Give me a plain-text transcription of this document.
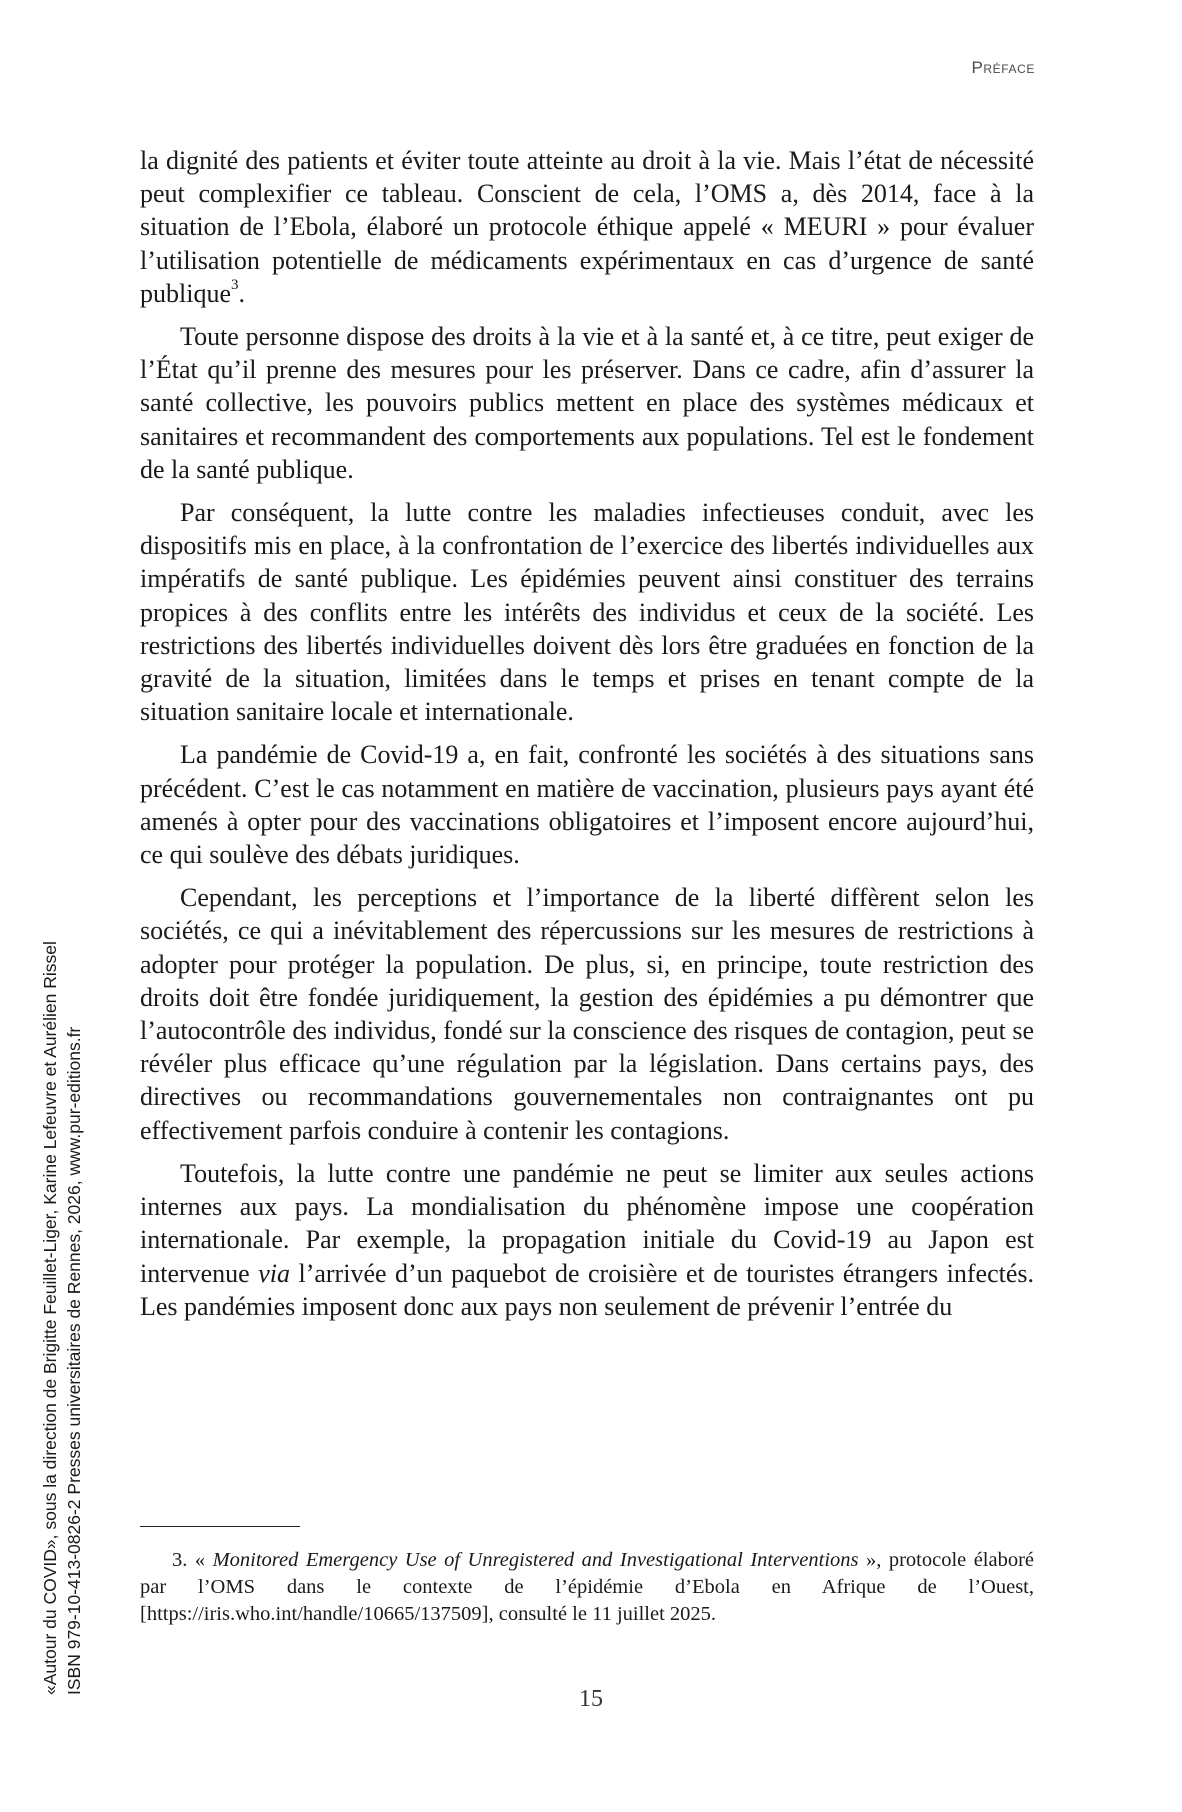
Préface

la dignité des patients et éviter toute atteinte au droit à la vie. Mais l’état de nécessité peut complexifier ce tableau. Conscient de cela, l’OMS a, dès 2014, face à la situation de l’Ebola, élaboré un protocole éthique appelé « MEURI » pour évaluer l’utilisation potentielle de médicaments expérimentaux en cas d’urgence de santé publique$^3$.

Toute personne dispose des droits à la vie et à la santé et, à ce titre, peut exiger de l’État qu’il prenne des mesures pour les préserver. Dans ce cadre, afin d’assurer la santé collective, les pouvoirs publics mettent en place des systèmes médicaux et sanitaires et recommandent des comportements aux populations. Tel est le fondement de la santé publique.

Par conséquent, la lutte contre les maladies infectieuses conduit, avec les dispositifs mis en place, à la confrontation de l’exercice des libertés individuelles aux impératifs de santé publique. Les épidémies peuvent ainsi constituer des terrains propices à des conflits entre les intérêts des individus et ceux de la société. Les restrictions des libertés individuelles doivent dès lors être graduées en fonction de la gravité de la situation, limitées dans le temps et prises en tenant compte de la situation sanitaire locale et internationale.

La pandémie de Covid-19 a, en fait, confronté les sociétés à des situations sans précédent. C’est le cas notamment en matière de vaccination, plusieurs pays ayant été amenés à opter pour des vaccinations obligatoires et l’imposent encore aujourd’hui, ce qui soulève des débats juridiques.

Cependant, les perceptions et l’importance de la liberté diffèrent selon les sociétés, ce qui a inévitablement des répercussions sur les mesures de restrictions à adopter pour protéger la population. De plus, si, en principe, toute restriction des droits doit être fondée juridiquement, la gestion des épidémies a pu démontrer que l’autocontrôle des individus, fondé sur la conscience des risques de contagion, peut se révéler plus efficace qu’une régulation par la législation. Dans certains pays, des directives ou recommandations gouvernementales non contraignantes ont pu effectivement parfois conduire à contenir les contagions.

Toutefois, la lutte contre une pandémie ne peut se limiter aux seules actions internes aux pays. La mondialisation du phénomène impose une coopération internationale. Par exemple, la propagation initiale du Covid-19 au Japon est intervenue via l’arrivée d’un paquebot de croisière et de touristes étrangers infectés. Les pandémies imposent donc aux pays non seulement de prévenir l’entrée du

3. « Monitored Emergency Use of Unregistered and Investigational Interventions », protocole élaboré par l’OMS dans le contexte de l’épidémie d’Ebola en Afrique de l’Ouest, [https://iris.who.int/handle/10665/137509], consulté le 11 juillet 2025.
15
«Autour du COVID», sous la direction de Brigitte Feuillet-Liger, Karine Lefeuvre et Aurélien Rissel ISBN 979-10-413-0826-2 Presses universitaires de Rennes, 2026, www.pur-editions.fr
